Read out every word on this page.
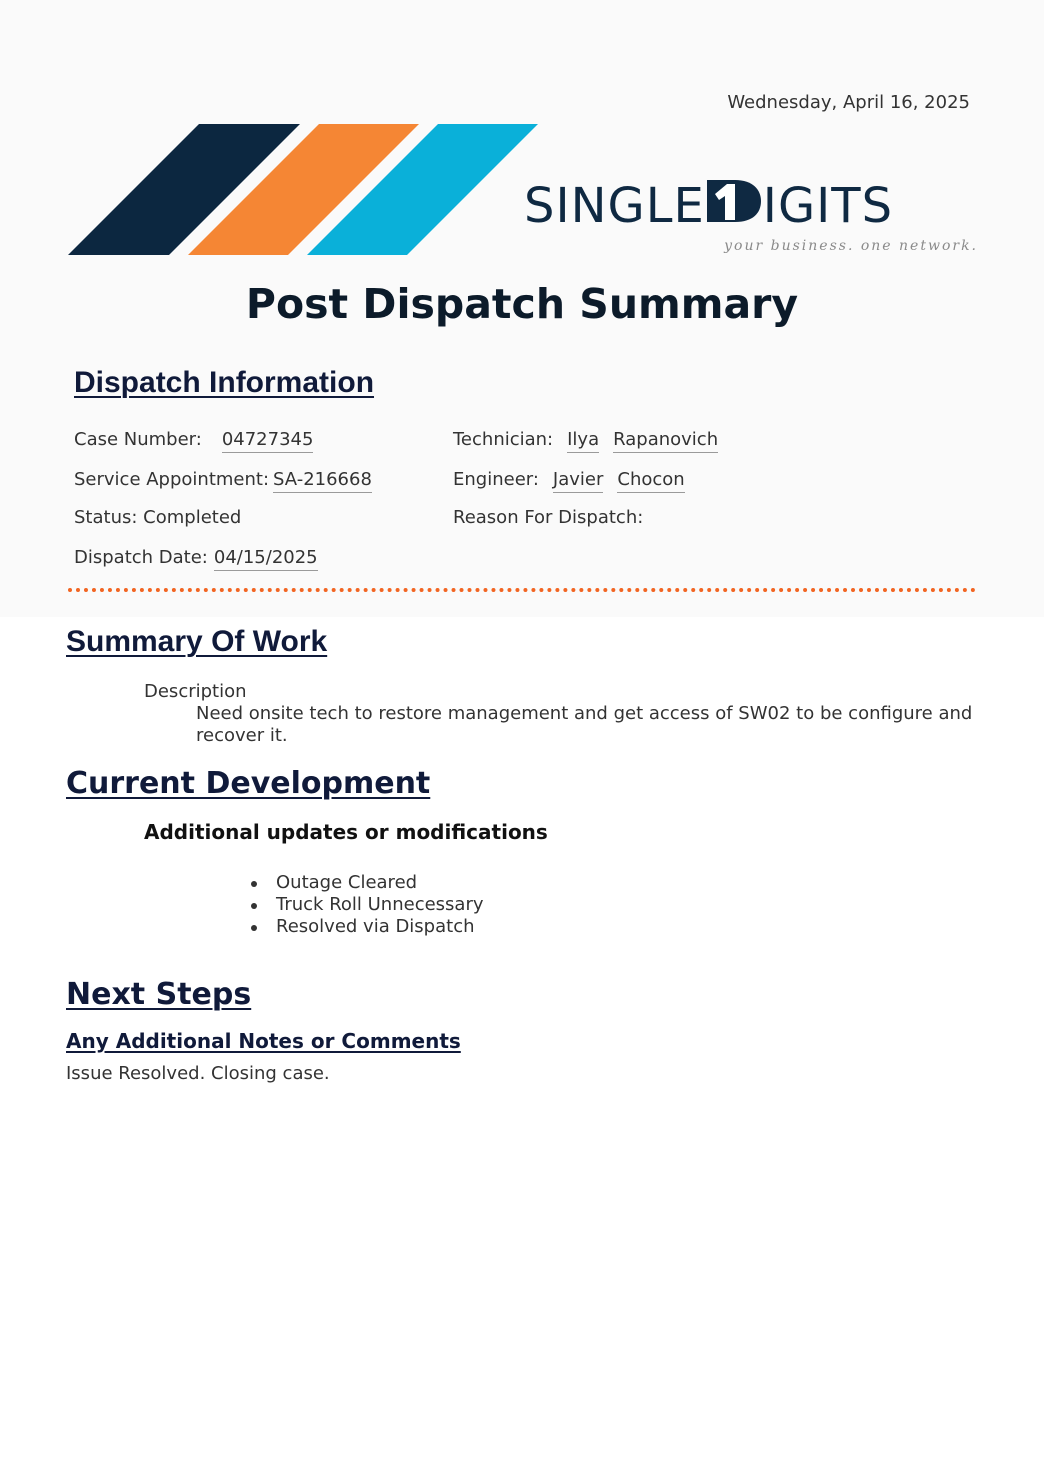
Wednesday, April 16, 2025
SINGLE IGITS
your business. one network.
Post Dispatch Summary
Dispatch Information
Case Number: 04727345
Service Appointment: SA-216668
Status: Completed
Dispatch Date: 04/15/2025
Technician: Ilya Rapanovich
Engineer: Javier Chocon
Reason For Dispatch:
Summary Of Work
Description
Need onsite tech to restore management and get access of SW02 to be configure and recover it.
Current Development
Additional updates or modifications
Outage Cleared
Truck Roll Unnecessary
Resolved via Dispatch
Next Steps
Any Additional Notes or Comments
Issue Resolved. Closing case.
